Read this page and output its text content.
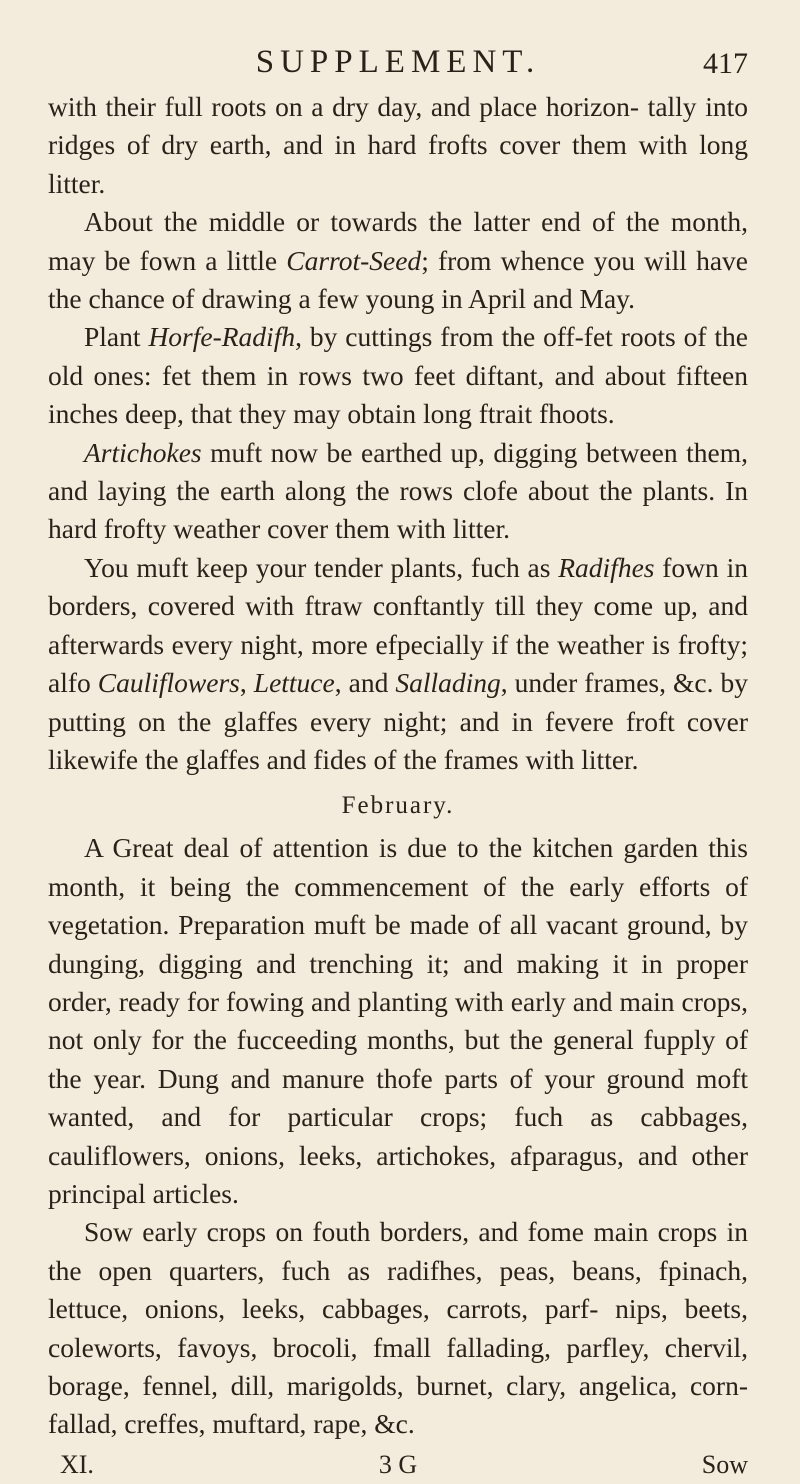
SUPPLEMENT.	417

with their full roots on a dry day, and place horizon- tally into ridges of dry earth, and in hard frofts cover them with long litter.

About the middle or towards the latter end of the month, may be fown a little Carrot-Seed; from whence you will have the chance of drawing a few young in April and May.

Plant Horfe-Radifh, by cuttings from the off-fet roots of the old ones: fet them in rows two feet diftant, and about fifteen inches deep, that they may obtain long ftrait fhoots.

Artichokes muft now be earthed up, digging between them, and laying the earth along the rows clofe about the plants. In hard frofty weather cover them with litter.

You muft keep your tender plants, fuch as Radifhes fown in borders, covered with ftraw conftantly till they come up, and afterwards every night, more efpecially if the weather is frofty; alfo Cauliflowers, Lettuce, and Sallading, under frames, &c. by putting on the glaffes every night; and in fevere froft cover likewife the glaffes and fides of the frames with litter.

February.

A Great deal of attention is due to the kitchen garden this month, it being the commencement of the early efforts of vegetation. Preparation muft be made of all vacant ground, by dunging, digging and trenching it; and making it in proper order, ready for fowing and planting with early and main crops, not only for the fucceeding months, but the general fupply of the year. Dung and manure thofe parts of your ground moft wanted, and for particular crops; fuch as cabbages, cauliflowers, onions, leeks, artichokes, afparagus, and other principal articles.

Sow early crops on fouth borders, and fome main crops in the open quarters, fuch as radifhes, peas, beans, fpinach, lettuce, onions, leeks, cabbages, carrots, parf- nips, beets, coleworts, favoys, brocoli, fmall fallading, parfley, chervil, borage, fennel, dill, marigolds, burnet, clary, angelica, corn-fallad, creffes, muftard, rape, &c.

XI.	3 G	Sow
